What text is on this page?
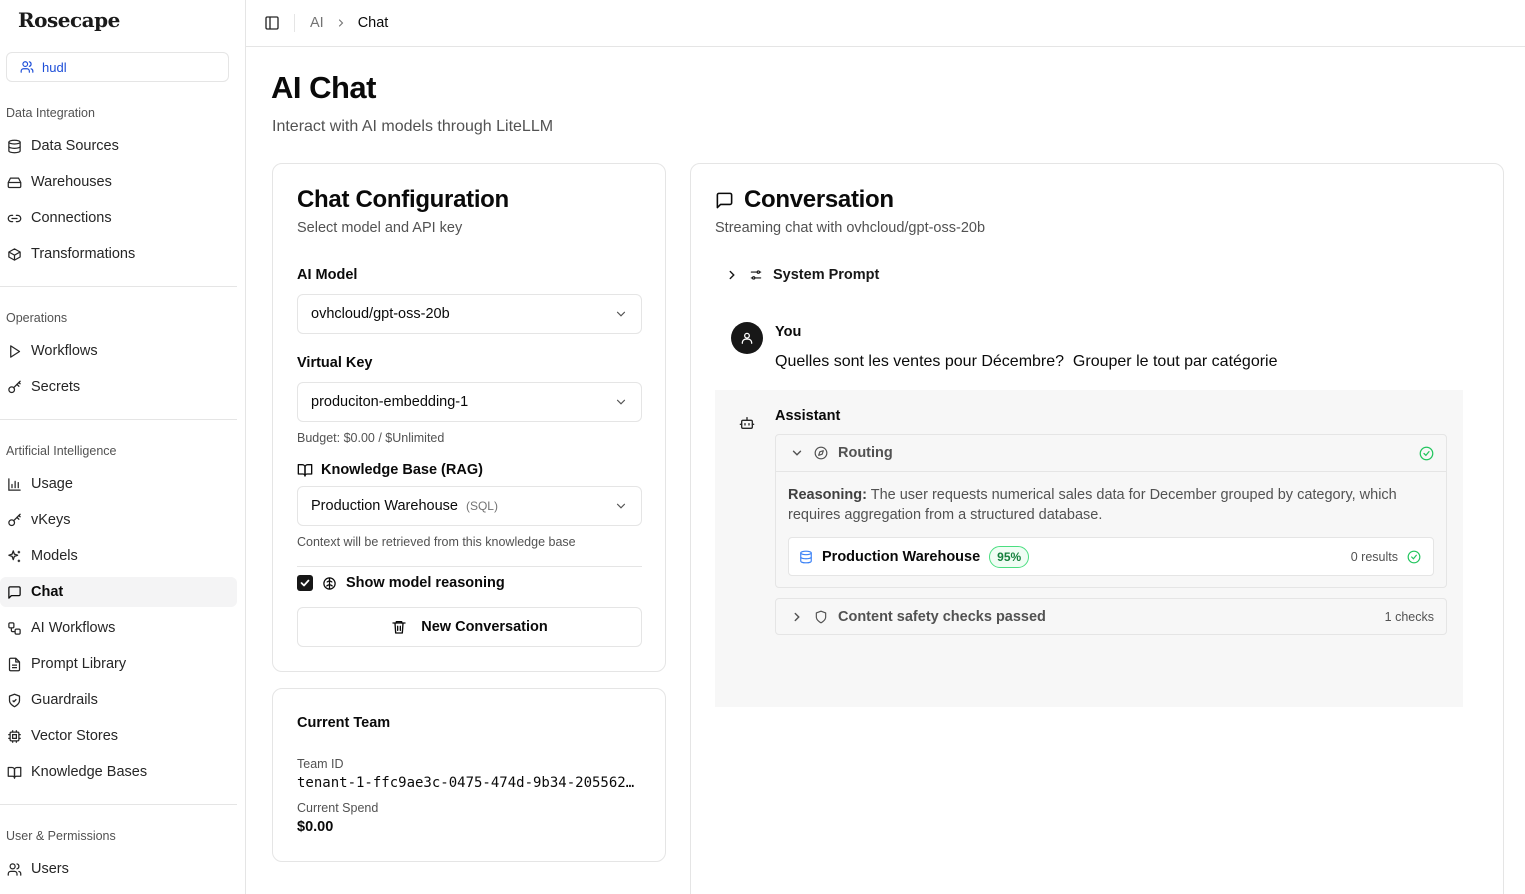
Rosecape
hudl
Data Integration
Data Sources
Warehouses
Connections
Transformations
Operations
Workflows
Secrets
Artificial Intelligence
Usage
vKeys
Models
Chat
AI Workflows
Prompt Library
Guardrails
Vector Stores
Knowledge Bases
User & Permissions
Users
AI Chat
AI Chat
Interact with AI models through LiteLLM
Chat Configuration
Select model and API key
AI Model
ovhcloud/gpt-oss-20b
Virtual Key
produciton-embedding-1
Budget: $0.00 / $Unlimited
Knowledge Base (RAG)
Production Warehouse (SQL)
Context will be retrieved from this knowledge base
Show model reasoning
New Conversation
Current Team
Team ID
tenant-1-ffc9ae3c-0475-474d-9b34-205562…
Current Spend
$0.00
Conversation
Streaming chat with ovhcloud/gpt-oss-20b
System Prompt
You
Quelles sont les ventes pour Décembre?  Grouper le tout par catégorie
Assistant
Routing
Reasoning: The user requests numerical sales data for December grouped by category, which requires aggregation from a structured database.
Production Warehouse	95%	0 results
Content safety checks passed	1 checks
